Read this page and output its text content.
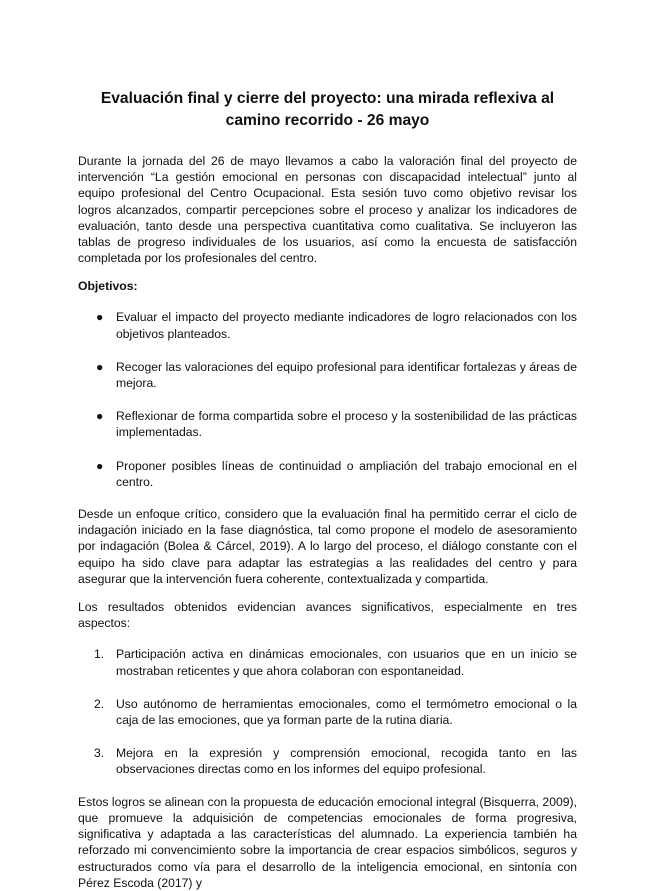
Evaluación final y cierre del proyecto: una mirada reflexiva al camino recorrido - 26 mayo

Durante la jornada del 26 de mayo llevamos a cabo la valoración final del proyecto de intervención “La gestión emocional en personas con discapacidad intelectual” junto al equipo profesional del Centro Ocupacional. Esta sesión tuvo como objetivo revisar los logros alcanzados, compartir percepciones sobre el proceso y analizar los indicadores de evaluación, tanto desde una perspectiva cuantitativa como cualitativa. Se incluyeron las tablas de progreso individuales de los usuarios, así como la encuesta de satisfacción completada por los profesionales del centro.

Objetivos:
●	Evaluar el impacto del proyecto mediante indicadores de logro relacionados con los objetivos planteados.
●	Recoger las valoraciones del equipo profesional para identificar fortalezas y áreas de mejora.
●	Reflexionar de forma compartida sobre el proceso y la sostenibilidad de las prácticas implementadas.
●	Proponer posibles líneas de continuidad o ampliación del trabajo emocional en el centro.

Desde un enfoque crítico, considero que la evaluación final ha permitido cerrar el ciclo de indagación iniciado en la fase diagnóstica, tal como propone el modelo de asesoramiento por indagación (Bolea & Cárcel, 2019). A lo largo del proceso, el diálogo constante con el equipo ha sido clave para adaptar las estrategias a las realidades del centro y para asegurar que la intervención fuera coherente, contextualizada y compartida.

Los resultados obtenidos evidencian avances significativos, especialmente en tres aspectos:

1. Participación activa en dinámicas emocionales, con usuarios que en un inicio se mostraban reticentes y que ahora colaboran con espontaneidad.
2. Uso autónomo de herramientas emocionales, como el termómetro emocional o la caja de las emociones, que ya forman parte de la rutina diaria.
3. Mejora en la expresión y comprensión emocional, recogida tanto en las observaciones directas como en los informes del equipo profesional.

Estos logros se alinean con la propuesta de educación emocional integral (Bisquerra, 2009), que promueve la adquisición de competencias emocionales de forma progresiva, significativa y adaptada a las características del alumnado. La experiencia también ha reforzado mi convencimiento sobre la importancia de crear espacios simbólicos, seguros y estructurados como vía para el desarrollo de la inteligencia emocional, en sintonía con Pérez Escoda (2017) y
